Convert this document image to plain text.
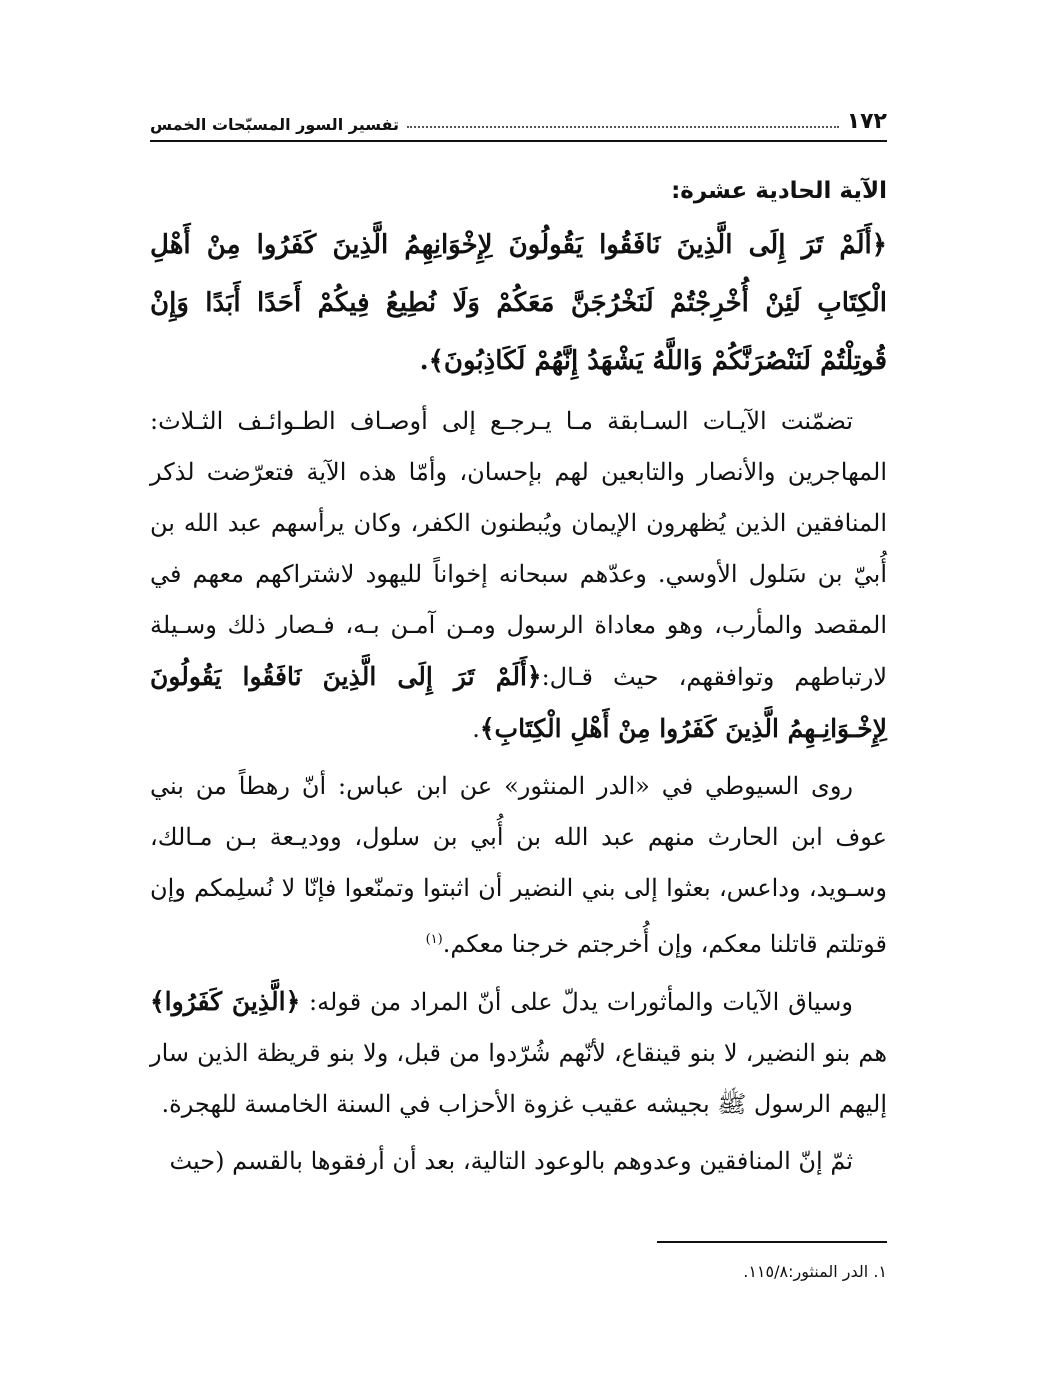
١٧٢
تفسير السور المسبّحات الخمس
الآية الحادية عشرة:
﴿أَلَمْ تَرَ إِلَى الَّذِينَ نَافَقُوا يَقُولُونَ لِإِخْوَانِهِمُ الَّذِينَ كَفَرُوا مِنْ أَهْلِ الْكِتَابِ لَئِنْ أُخْرِجْتُمْ لَنَخْرُجَنَّ مَعَكُمْ وَلَا نُطِيعُ فِيكُمْ أَحَدًا أَبَدًا وَإِنْ قُوتِلْتُمْ لَنَنْصُرَنَّكُمْ وَاللَّهُ يَشْهَدُ إِنَّهُمْ لَكَاذِبُونَ﴾.

تضمّنت الآيـات السـابقة مـا يـرجـع إلى أوصـاف الطـوائـف الثـلاث: المهاجرين والأنصار والتابعين لهم بإحسان، وأمّا هذه الآية فتعرّضت لذكر المنافقين الذين يُظهرون الإيمان ويُبطنون الكفر، وكان يرأسهم عبد الله بن أُبيّ بن سَلول الأوسي. وعدّهم سبحانه إخواناً لليهود لاشتراكهم معهم في المقصد والمأرب، وهو معاداة الرسول ومـن آمـن بـه، فـصار ذلك وسـيلة لارتباطهم وتوافقهم، حيث قـال:﴿أَلَمْ تَرَ إِلَى الَّذِينَ نَافَقُوا يَقُولُونَ لِإِخْـوَانِـهِمُ الَّذِينَ كَفَرُوا مِنْ أَهْلِ الْكِتَابِ﴾.

روى السيوطي في «الدر المنثور» عن ابن عباس: أنّ رهطاً من بني عوف ابن الحارث منهم عبد الله بن أُبي بن سلول، ووديـعة بـن مـالك، وسـويد، وداعس، بعثوا إلى بني النضير أن اثبتوا وتمنّعوا فإنّا لا نُسلِمكم وإن قوتلتم قاتلنا معكم، وإن أُخرجتم خرجنا معكم.$^{(١)}$

وسياق الآيات والمأثورات يدلّ على أنّ المراد من قوله: ﴿الَّذِينَ كَفَرُوا﴾ هم بنو النضير، لا بنو قينقاع، لأنّهم شُرّدوا من قبل، ولا بنو قريظة الذين سار إليهم الرسول ﷺ بجيشه عقيب غزوة الأحزاب في السنة الخامسة للهجرة.

ثمّ إنّ المنافقين وعدوهم بالوعود التالية، بعد أن أرفقوها بالقسم (حيث

١. الدر المنثور:١١٥/٨.
